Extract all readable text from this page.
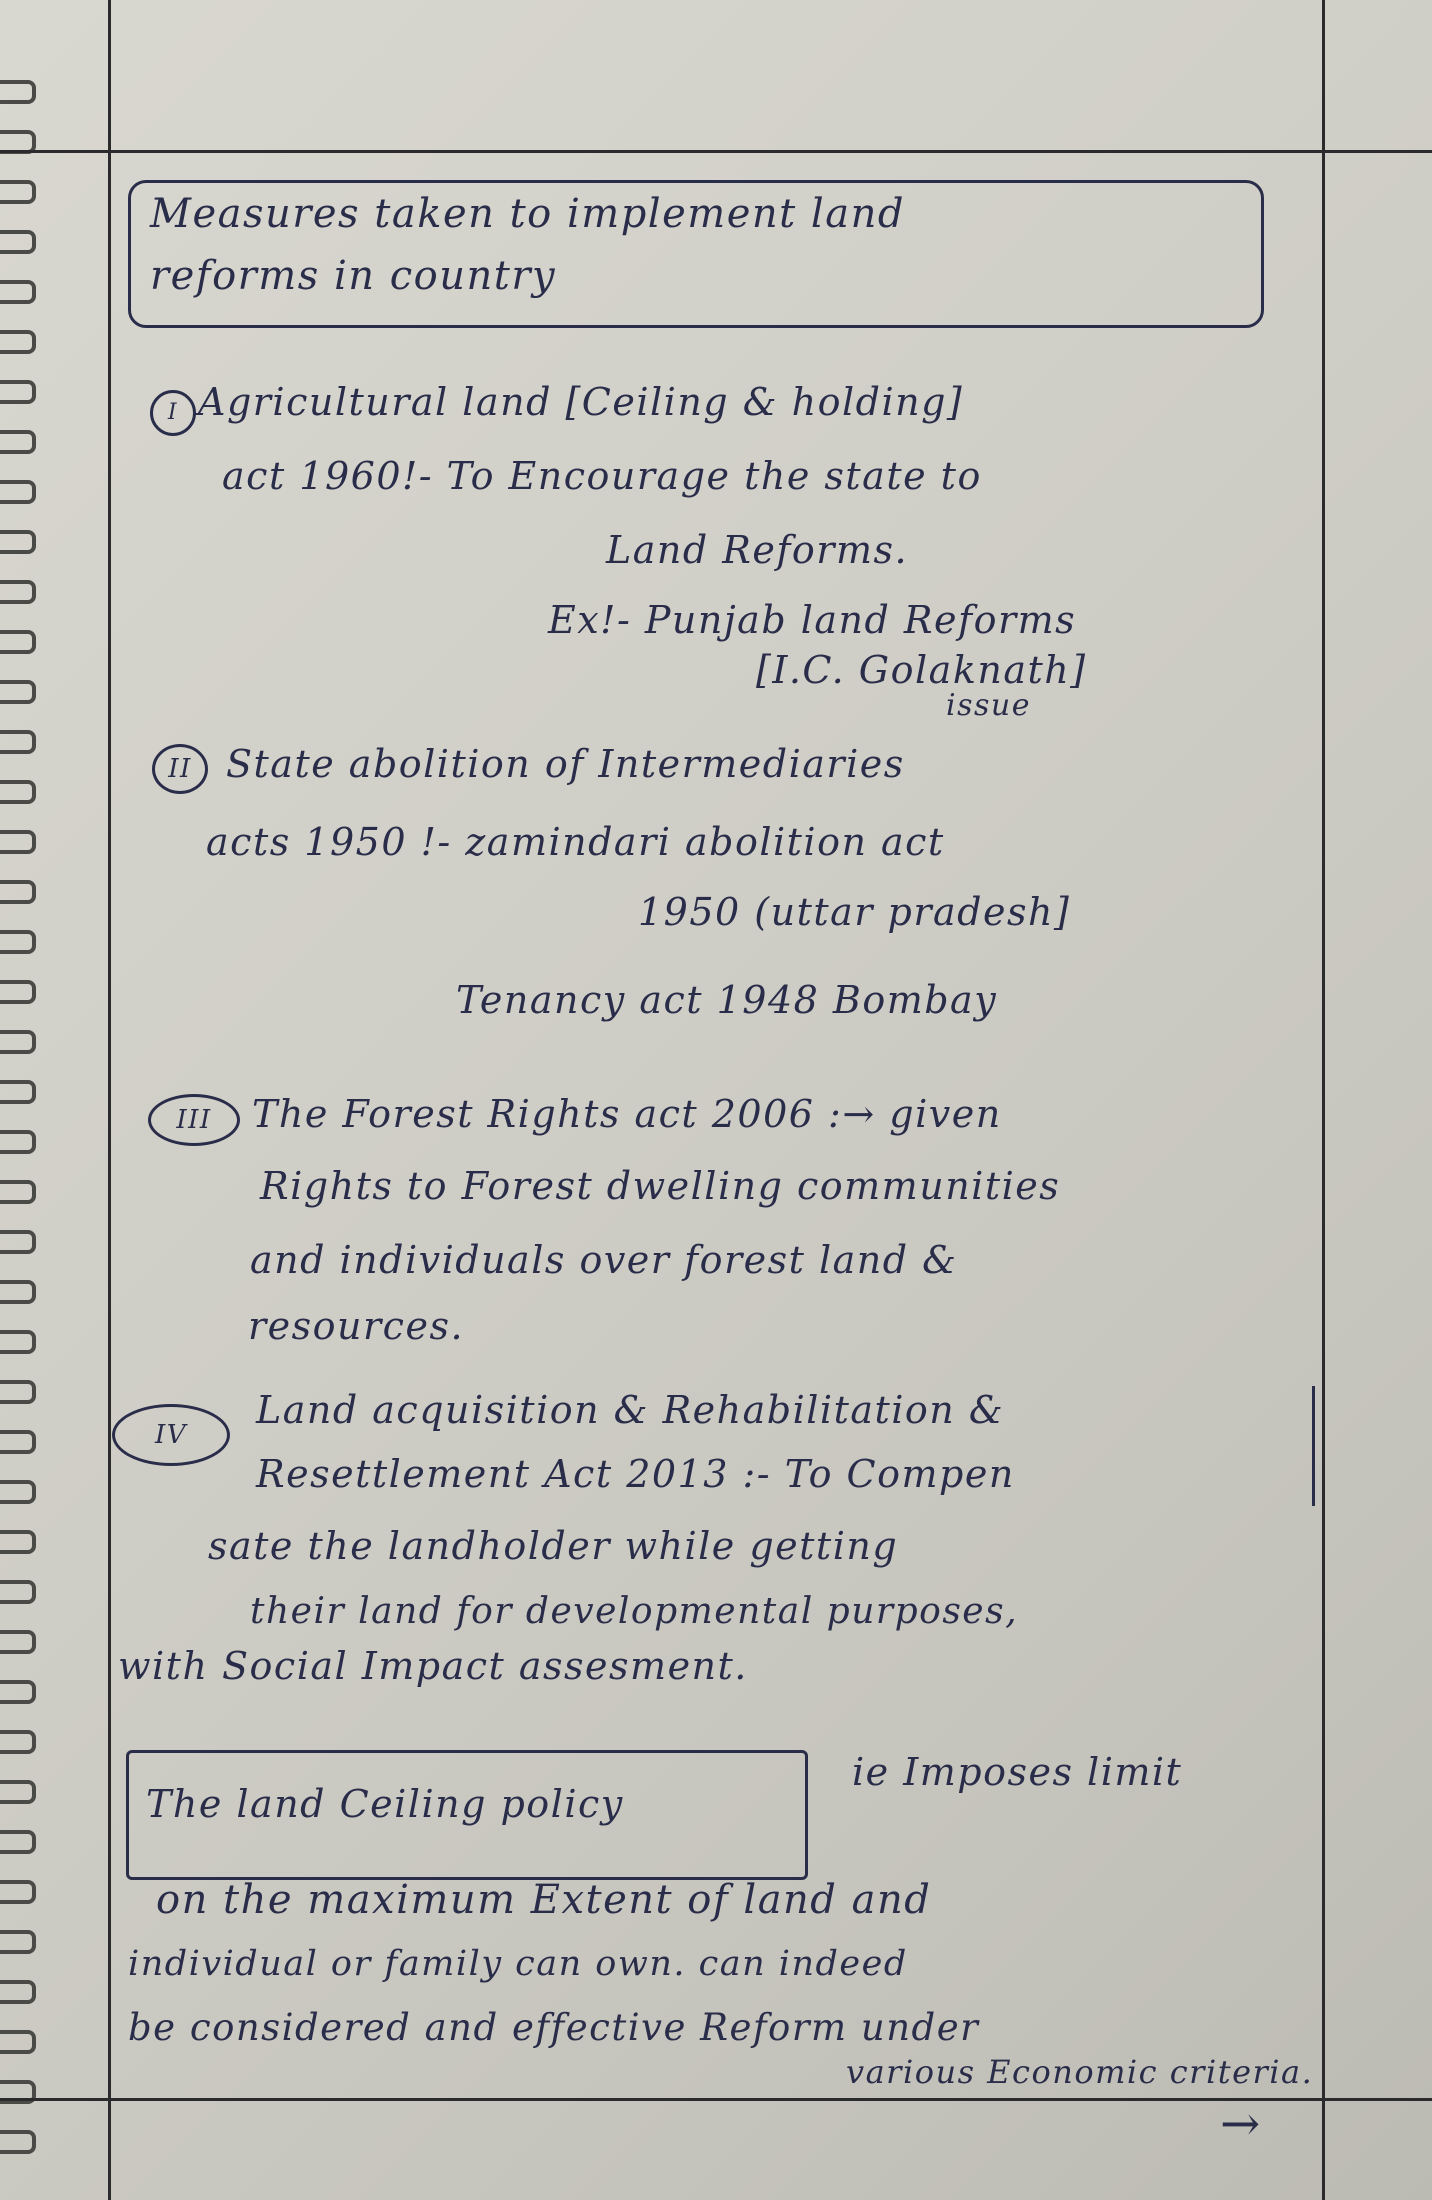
Measures taken to implement land
reforms in country
I Agricultural land [Ceiling & holding]
act 1960!- To Encourage the state to
Land Reforms.
Ex!- Punjab land Reforms
[I.C. Golaknath]
issue
II State abolition of Intermediaries
acts 1950 !- zamindari abolition act
1950 (uttar pradesh]
Tenancy act 1948 Bombay
III	The Forest Rights act 2006 :→ given
Rights to Forest dwelling communities
and individuals over forest land &
resources.
IV
Land acquisition & Rehabilitation &
Resettlement Act 2013 :- To Compen
sate the landholder while getting
their land for developmental purposes,
with Social Impact assesment.
The land Ceiling policy
ie Imposes limit
on the maximum Extent of land and
individual or family can own. can indeed
be considered and effective Reform under
various Economic criteria.
→
